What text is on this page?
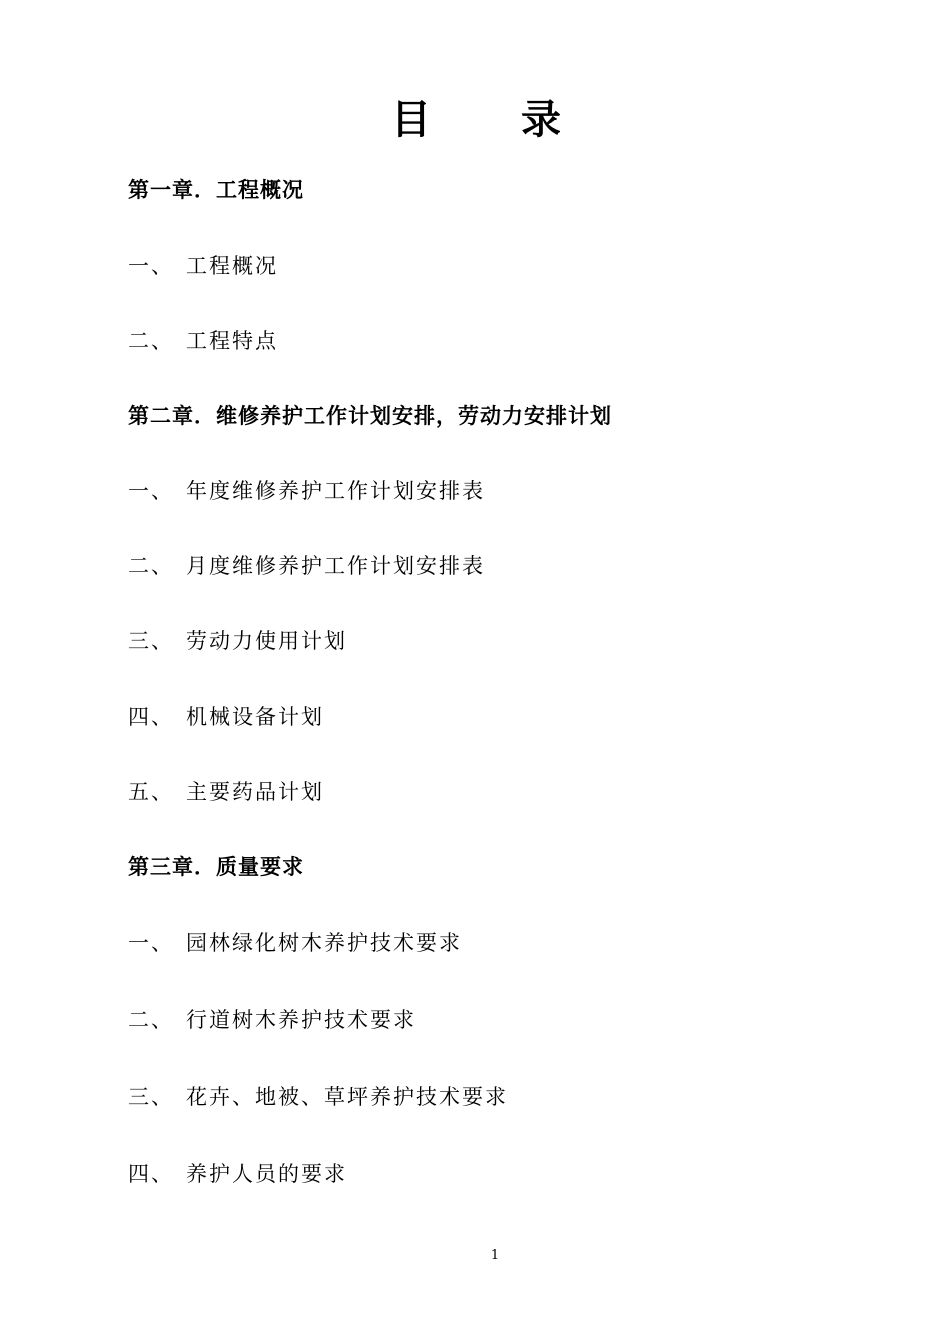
目 录
第一章．工程概况
一、 工程概况
二、 工程特点
第二章．维修养护工作计划安排，劳动力安排计划
一、 年度维修养护工作计划安排表
二、 月度维修养护工作计划安排表
三、 劳动力使用计划
四、 机械设备计划
五、 主要药品计划
第三章．质量要求
一、 园林绿化树木养护技术要求
二、 行道树木养护技术要求
三、 花卉、地被、草坪养护技术要求
四、 养护人员的要求
1
